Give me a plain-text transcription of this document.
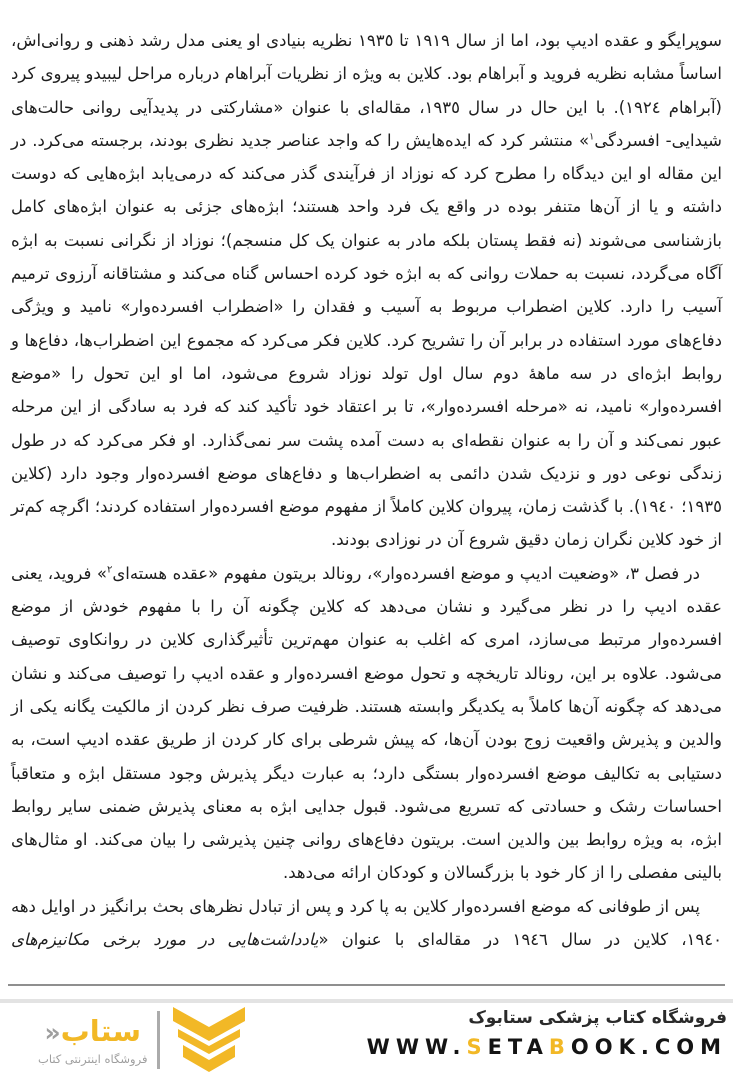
سوپرایگو و عقده ادیپ بود، اما از سال ١٩١٩ تا ١٩٣٥ نظریه بنیادی او یعنی مدل رشد ذهنی و روانی‌اش، اساساً مشابه نظریه فروید و آبراهام بود. کلاین به ویژه از نظریات آبراهام درباره مراحل لیبیدو پیروی کرد (آبراهام ١٩٢٤). با این حال در سال ١٩٣٥، مقاله‌ای با عنوان «مشارکتی در پدیدآیی روانی حالت‌های شیدایی- افسردگی$^١$» منتشر کرد که ایده‌هایش را که واجد عناصر جدید نظری بودند، برجسته می‌کرد. در این مقاله او این دیدگاه را مطرح کرد که نوزاد از فرآیندی گذر می‌کند که درمی‌یابد ابژه‌هایی که دوست داشته و یا از آن‌ها متنفر بوده در واقع یک فرد واحد هستند؛ ابژه‌های جزئی به عنوان ابژه‌های کامل بازشناسی می‌شوند (نه فقط پستان بلکه مادر به عنوان یک کل منسجم)؛ نوزاد از نگرانی نسبت به ابژه آگاه می‌گردد، نسبت به حملات روانی که به ابژه خود کرده احساس گناه می‌کند و مشتاقانه آرزوی ترمیم آسیب را دارد. کلاین اضطراب مربوط به آسیب و فقدان را «اضطراب افسرده‌وار» نامید و ویژگی دفاع‌های مورد استفاده در برابر آن را تشریح کرد. کلاین فکر می‌کرد که مجموع این اضطراب‌ها، دفاع‌ها و روابط ابژه‌ای در سه ماهۀ دوم سال اول تولد نوزاد شروع می‌شود، اما او این تحول را «موضع افسرده‌وار» نامید، نه «مرحله افسرده‌وار»، تا بر اعتقاد خود تأکید کند که فرد به سادگی از این مرحله عبور نمی‌کند و آن را به عنوان نقطه‌ای به دست آمده پشت سر نمی‌گذارد. او فکر می‌کرد که در طول زندگی نوعی دور و نزدیک شدن دائمی به اضطراب‌ها و دفاع‌های موضع افسرده‌وار وجود دارد (کلاین ١٩٣٥؛ ١٩٤٠). با گذشت زمان، پیروان کلاین کاملاً از مفهوم موضع افسرده‌وار استفاده کردند؛ اگرچه کم‌تر از خود کلاین نگران زمان دقیق شروع آن در نوزادی بودند.

در فصل ٣، «وضعیت ادیپ و موضع افسرده‌وار»، رونالد بریتون مفهوم «عقده هسته‌ای$^٢$» فروید، یعنی عقده ادیپ را در نظر می‌گیرد و نشان می‌دهد که کلاین چگونه آن را با مفهوم خودش از موضع افسرده‌وار مرتبط می‌سازد، امری که اغلب به عنوان مهم‌ترین تأثیرگذاری کلاین در روانکاوی توصیف می‌شود. علاوه بر این، رونالد تاریخچه و تحول موضع افسرده‌وار و عقده ادیپ را توصیف می‌کند و نشان می‌دهد که چگونه آن‌ها کاملاً به یکدیگر وابسته هستند. ظرفیت صرف نظر کردن از مالکیت یگانه یکی از والدین و پذیرش واقعیت زوج بودن آن‌ها، که پیش شرطی برای کار کردن از طریق عقده ادیپ است، به دستیابی به تکالیف موضع افسرده‌وار بستگی دارد؛ به عبارت دیگر پذیرش وجود مستقل ابژه و متعاقباً احساسات رشک و حسادتی که تسریع می‌شود. قبول جدایی ابژه به معنای پذیرش ضمنی سایر روابط ابژه، به ویژه روابط بین والدین است. بریتون دفاع‌های روانی چنین پذیرشی را بیان می‌کند. او مثال‌های بالینی مفصلی را از کار خود با بزرگسالان و کودکان ارائه می‌دهد.

پس از طوفانی که موضع افسرده‌وار کلاین به پا کرد و پس از تبادل نظرهای بحث برانگیز در اوایل دهه ١٩٤٠، کلاین در سال ١٩٤٦ در مقاله‌ای با عنوان «یادداشت‌هایی در مورد برخی مکانیزم‌های

فروشگاه کتاب پزشکی ستابوک
WWW.SETABOOK.COM
ستاب«
فروشگاه اینترنتی کتاب
